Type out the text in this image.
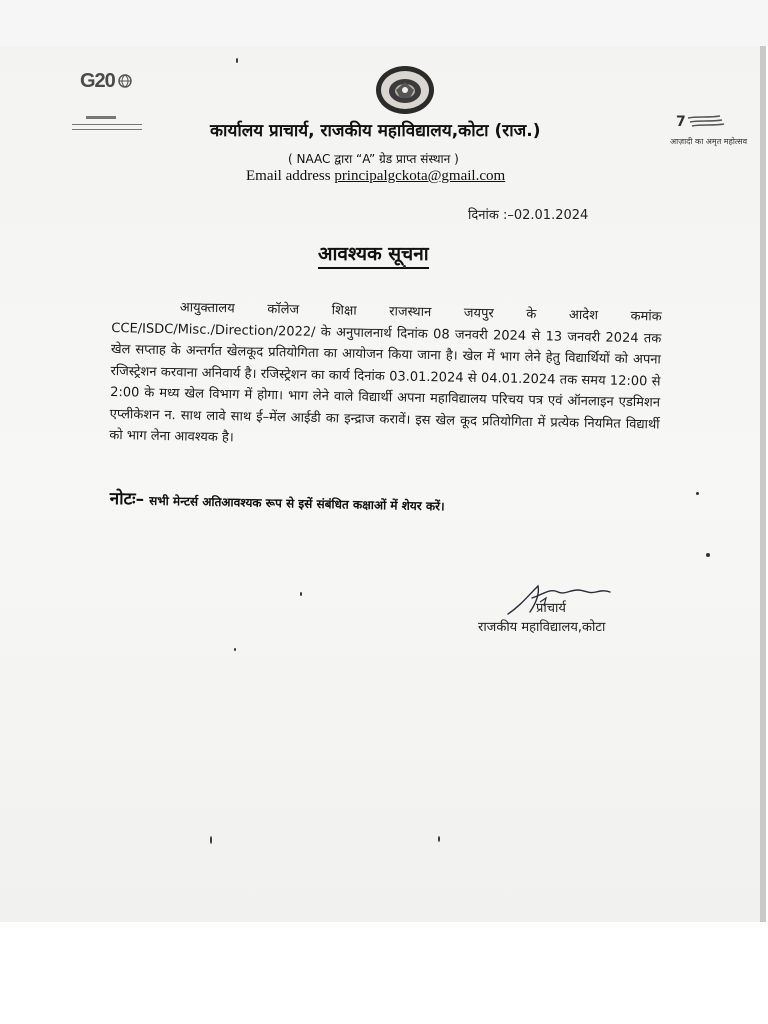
G20
7
आज़ादी का अमृत महोत्सव
कार्यालय प्राचार्य, राजकीय महाविद्यालय,कोटा (राज.)
( NAAC द्वारा “A” ग्रेड प्राप्त संस्थान )
Email address principalgckota@gmail.com
दिनांक :–02.01.2024
आवश्यक सूचना
आयुक्तालय कॉलेज शिक्षा राजस्थान जयपुर के आदेश कमांक CCE/ISDC/Misc./Direction/2022/ के अनुपालनार्थ दिनांक 08 जनवरी 2024 से 13 जनवरी 2024 तक खेल सप्ताह के अन्तर्गत खेलकूद प्रतियोगिता का आयोजन किया जाना है। खेल में भाग लेने हेतु विद्यार्थियों को अपना रजिस्ट्रेशन करवाना अनिवार्य है। रजिस्ट्रेशन का कार्य दिनांक 03.01.2024 से 04.01.2024 तक समय 12:00 से 2:00 के मध्य खेल विभाग में होगा। भाग लेने वाले विद्यार्थी अपना महाविद्यालय परिचय पत्र एवं ऑनलाइन एडमिशन एप्लीकेशन न. साथ लावे साथ ई–मेंल आईडी का इन्द्राज करावें। इस खेल कूद प्रतियोगिता में प्रत्येक नियमित विद्यार्थी को भाग लेना आवश्यक है।
नोटः– सभी मेन्टर्स अतिआवश्यक रूप से इसें संबंधित कक्षाओं में शेयर करें।
प्राचार्य
राजकीय महाविद्यालय,कोटा
